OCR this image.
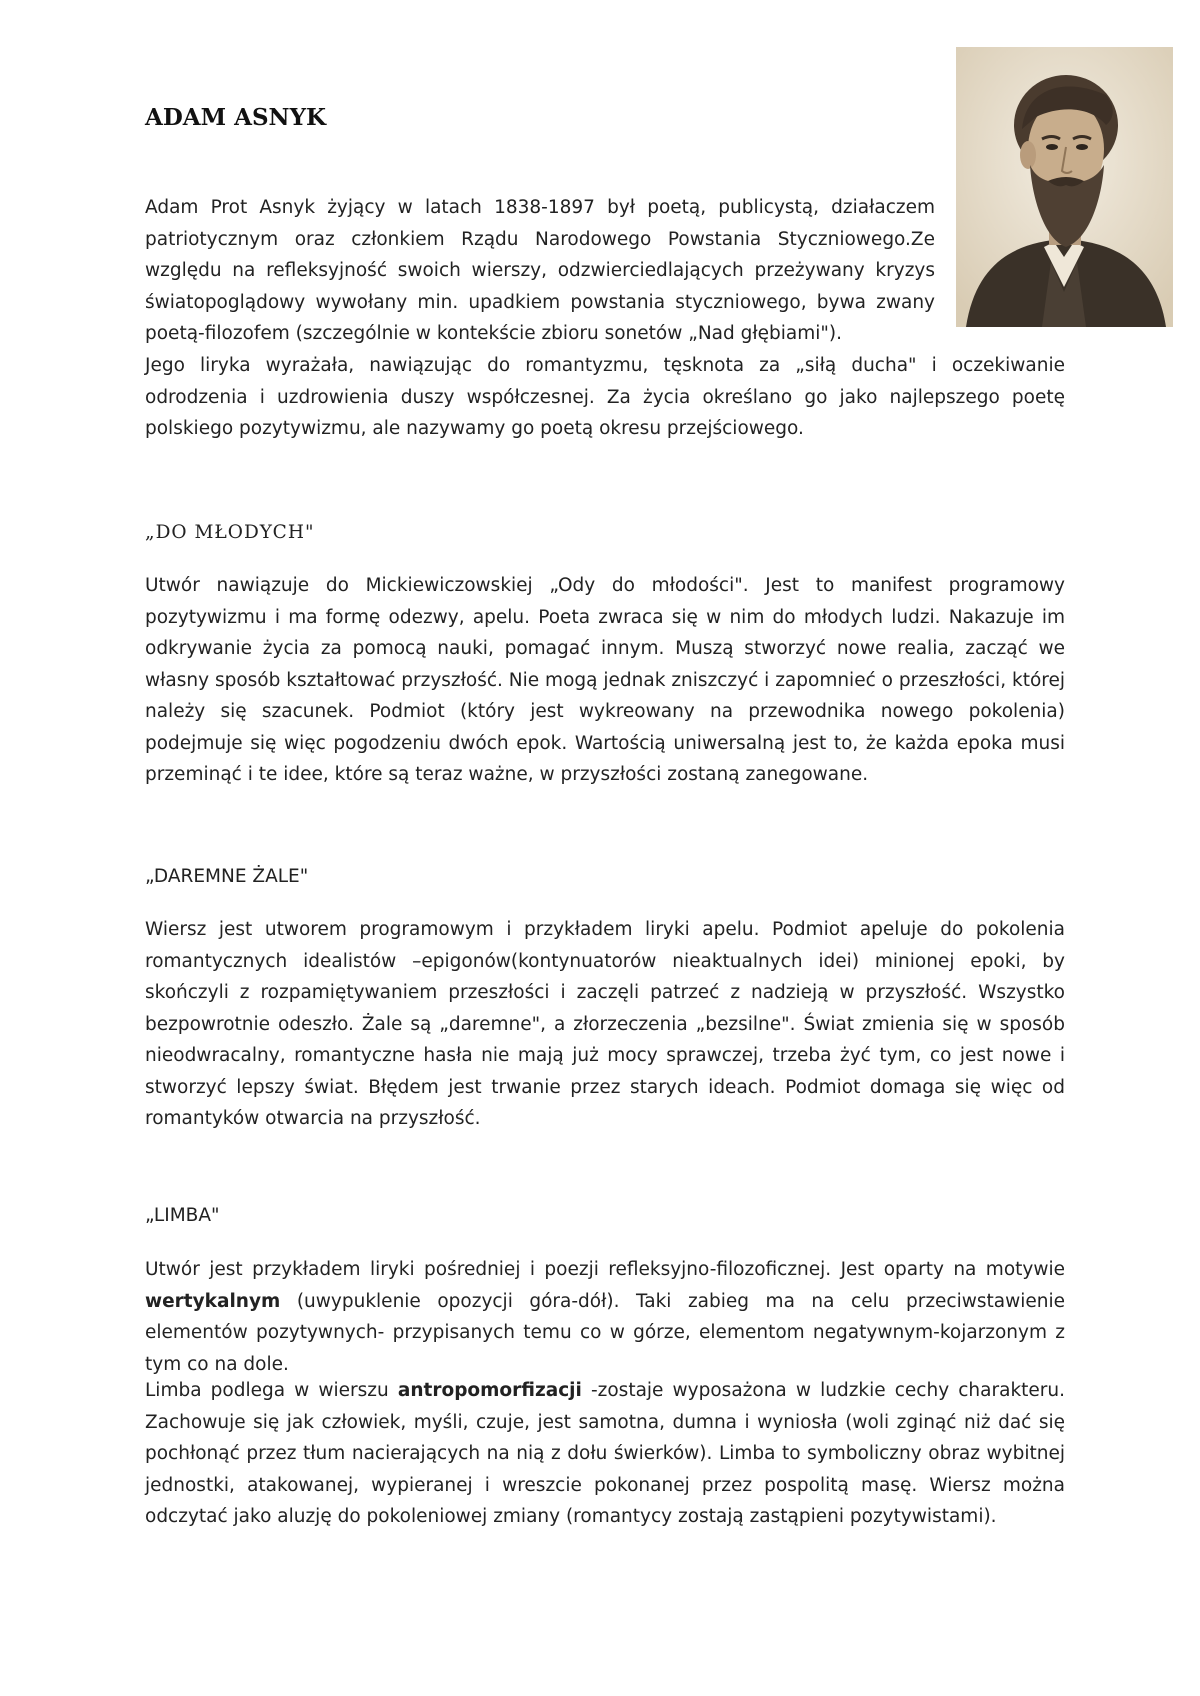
ADAM ASNYK

Adam Prot Asnyk żyjący w latach 1838-1897 był poetą, publicystą, działaczem patriotycznym oraz członkiem Rządu Narodowego Powstania Styczniowego.Ze względu na refleksyjność swoich wierszy, odzwierciedlających przeżywany kryzys światopoglądowy wywołany min. upadkiem powstania styczniowego, bywa zwany poetą-filozofem (szczególnie w kontekście zbioru sonetów „Nad głębiami").

Jego liryka wyrażała, nawiązując do romantyzmu, tęsknota za „siłą ducha" i oczekiwanie odrodzenia i uzdrowienia duszy współczesnej. Za życia określano go jako najlepszego poetę polskiego pozytywizmu, ale nazywamy go poetą okresu przejściowego.

„DO MŁODYCH"

Utwór nawiązuje do Mickiewiczowskiej „Ody do młodości". Jest to manifest programowy pozytywizmu i ma formę odezwy, apelu. Poeta zwraca się w nim do młodych ludzi. Nakazuje im odkrywanie życia za pomocą nauki, pomagać innym. Muszą stworzyć nowe realia, zacząć we własny sposób kształtować przyszłość. Nie mogą jednak zniszczyć i zapomnieć o przeszłości, której należy się szacunek. Podmiot (który jest wykreowany na przewodnika nowego pokolenia) podejmuje się więc pogodzeniu dwóch epok. Wartością uniwersalną jest to, że każda epoka musi przeminąć i te idee, które są teraz ważne, w przyszłości zostaną zanegowane.

„DAREMNE ŻALE"

Wiersz jest utworem programowym i przykładem liryki apelu. Podmiot apeluje do pokolenia romantycznych idealistów –epigonów(kontynuatorów nieaktualnych idei) minionej epoki, by skończyli z rozpamiętywaniem przeszłości i zaczęli patrzeć z nadzieją w przyszłość. Wszystko bezpowrotnie odeszło. Żale są „daremne", a złorzeczenia „bezsilne". Świat zmienia się w sposób nieodwracalny, romantyczne hasła nie mają już mocy sprawczej, trzeba żyć tym, co jest nowe i stworzyć lepszy świat. Błędem jest trwanie przez starych ideach. Podmiot domaga się więc od romantyków otwarcia na przyszłość.

„LIMBA"

Utwór jest przykładem liryki pośredniej i poezji refleksyjno-filozoficznej. Jest oparty na motywie wertykalnym (uwypuklenie opozycji góra-dół). Taki zabieg ma na celu przeciwstawienie elementów pozytywnych- przypisanych temu co w górze, elementom negatywnym-kojarzonym z tym co na dole.

Limba podlega w wierszu antropomorfizacji -zostaje wyposażona w ludzkie cechy charakteru. Zachowuje się jak człowiek, myśli, czuje, jest samotna, dumna i wyniosła (woli zginąć niż dać się pochłonąć przez tłum nacierających na nią z dołu świerków). Limba to symboliczny obraz wybitnej jednostki, atakowanej, wypieranej i wreszcie pokonanej przez pospolitą masę. Wiersz można odczytać jako aluzję do pokoleniowej zmiany (romantycy zostają zastąpieni pozytywistami).
